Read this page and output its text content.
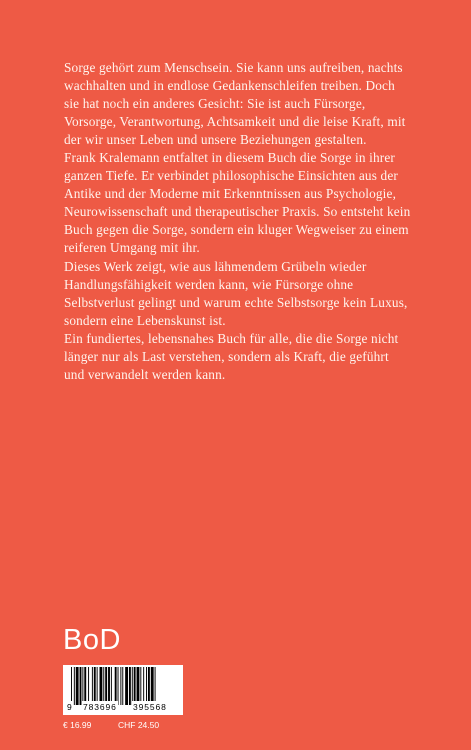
Sorge gehört zum Menschsein. Sie kann uns aufreiben, nachts wachhalten und in endlose Gedankenschleifen treiben. Doch sie hat noch ein anderes Gesicht: Sie ist auch Fürsorge, Vorsorge, Verantwortung, Achtsamkeit und die leise Kraft, mit der wir unser Leben und unsere Beziehungen gestalten.

Frank Kralemann entfaltet in diesem Buch die Sorge in ihrer ganzen Tiefe. Er verbindet philosophische Einsichten aus der Antike und der Moderne mit Erkenntnissen aus Psychologie, Neurowissenschaft und therapeutischer Praxis. So entsteht kein Buch gegen die Sorge, sondern ein kluger Wegweiser zu einem reiferen Umgang mit ihr.

Dieses Werk zeigt, wie aus lähmendem Grübeln wieder Handlungsfähigkeit werden kann, wie Fürsorge ohne Selbstverlust gelingt und warum echte Selbstsorge kein Luxus, sondern eine Lebenskunst ist.

Ein fundiertes, lebensnahes Buch für alle, die die Sorge nicht länger nur als Last verstehen, sondern als Kraft, die geführt und verwandelt werden kann.

BoD
9 783696 395568
€ 16.99	CHF 24.50
